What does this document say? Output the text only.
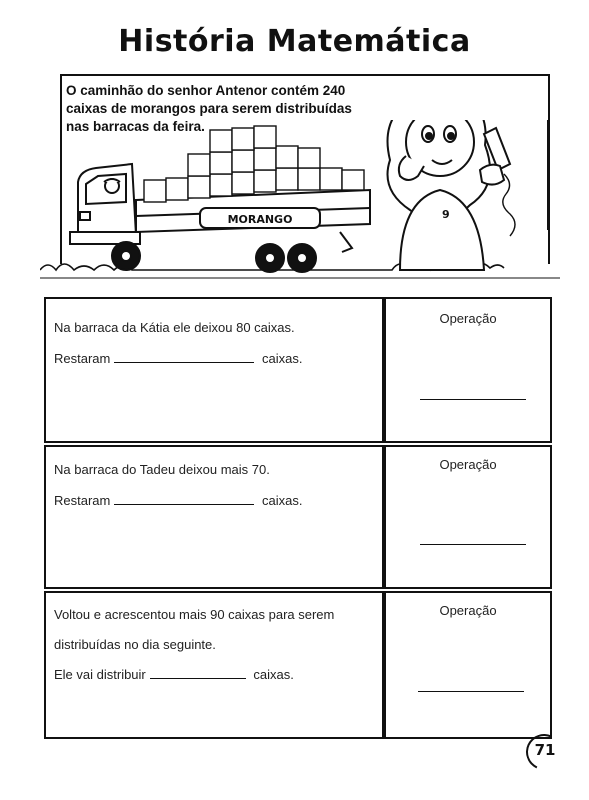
História Matemática
O caminhão do senhor Antenor contém 240
caixas de morangos para serem distribuídas
nas barracas da feira.
MORANGO	9
Na barraca da Kátia ele deixou 80 caixas.
Restaram	caixas.
Operação
Na barraca do Tadeu deixou mais 70.
Restaram	caixas.
Operação
Voltou e acrescentou mais 90 caixas para serem
distribuídas no dia seguinte.
Ele vai distribuir	caixas.
Operação
71
